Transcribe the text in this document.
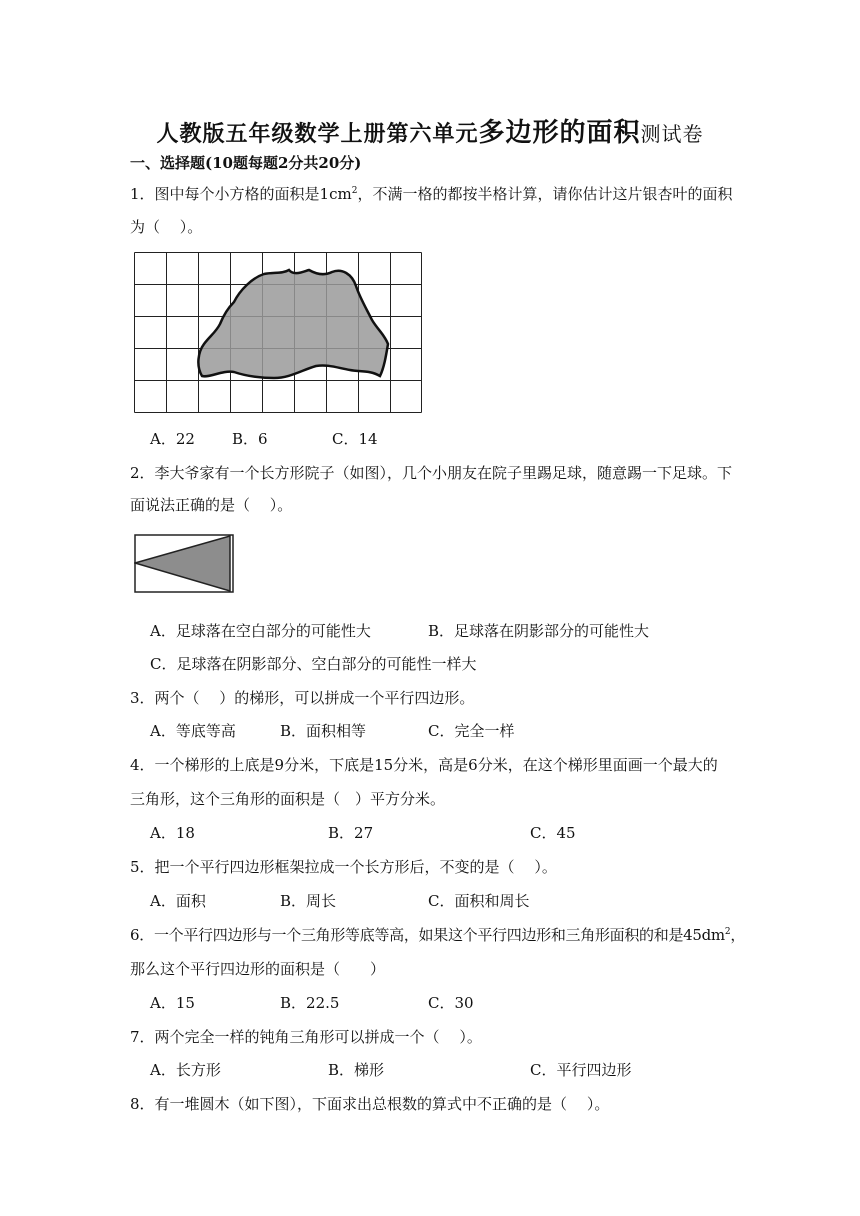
人教版五年级数学上册第六单元多边形的面积测试卷
一、选择题(10题每题2分共20分)
1．图中每个小方格的面积是$1cm^2$，不满一格的都按半格计算，请你估计这片银杏叶的面积
为（　 ）。
A．22 B．6	C．14
2．李大爷家有一个长方形院子（如图），几个小朋友在院子里踢足球，随意踢一下足球。下
面说法正确的是（　 ）。
A．足球落在空白部分的可能性大	B．足球落在阴影部分的可能性大
C．足球落在阴影部分、空白部分的可能性一样大
3．两个（　 ）的梯形，可以拼成一个平行四边形。
A．等底等高	B．面积相等	C．完全一样
4．一个梯形的上底是9分米，下底是15分米，高是6分米，在这个梯形里面画一个最大的
三角形，这个三角形的面积是（　）平方分米。
A．18	B．27	C．45
5．把一个平行四边形框架拉成一个长方形后，不变的是（　 ）。
A．面积	B．周长	C．面积和周长
6．一个平行四边形与一个三角形等底等高，如果这个平行四边形和三角形面积的和是$45dm^2$，
那么这个平行四边形的面积是（　　）
A．15	B．22.5	C．30
7．两个完全一样的钝角三角形可以拼成一个（　 ）。
A．长方形	B．梯形	C．平行四边形
8．有一堆圆木（如下图），下面求出总根数的算式中不正确的是（　 ）。
